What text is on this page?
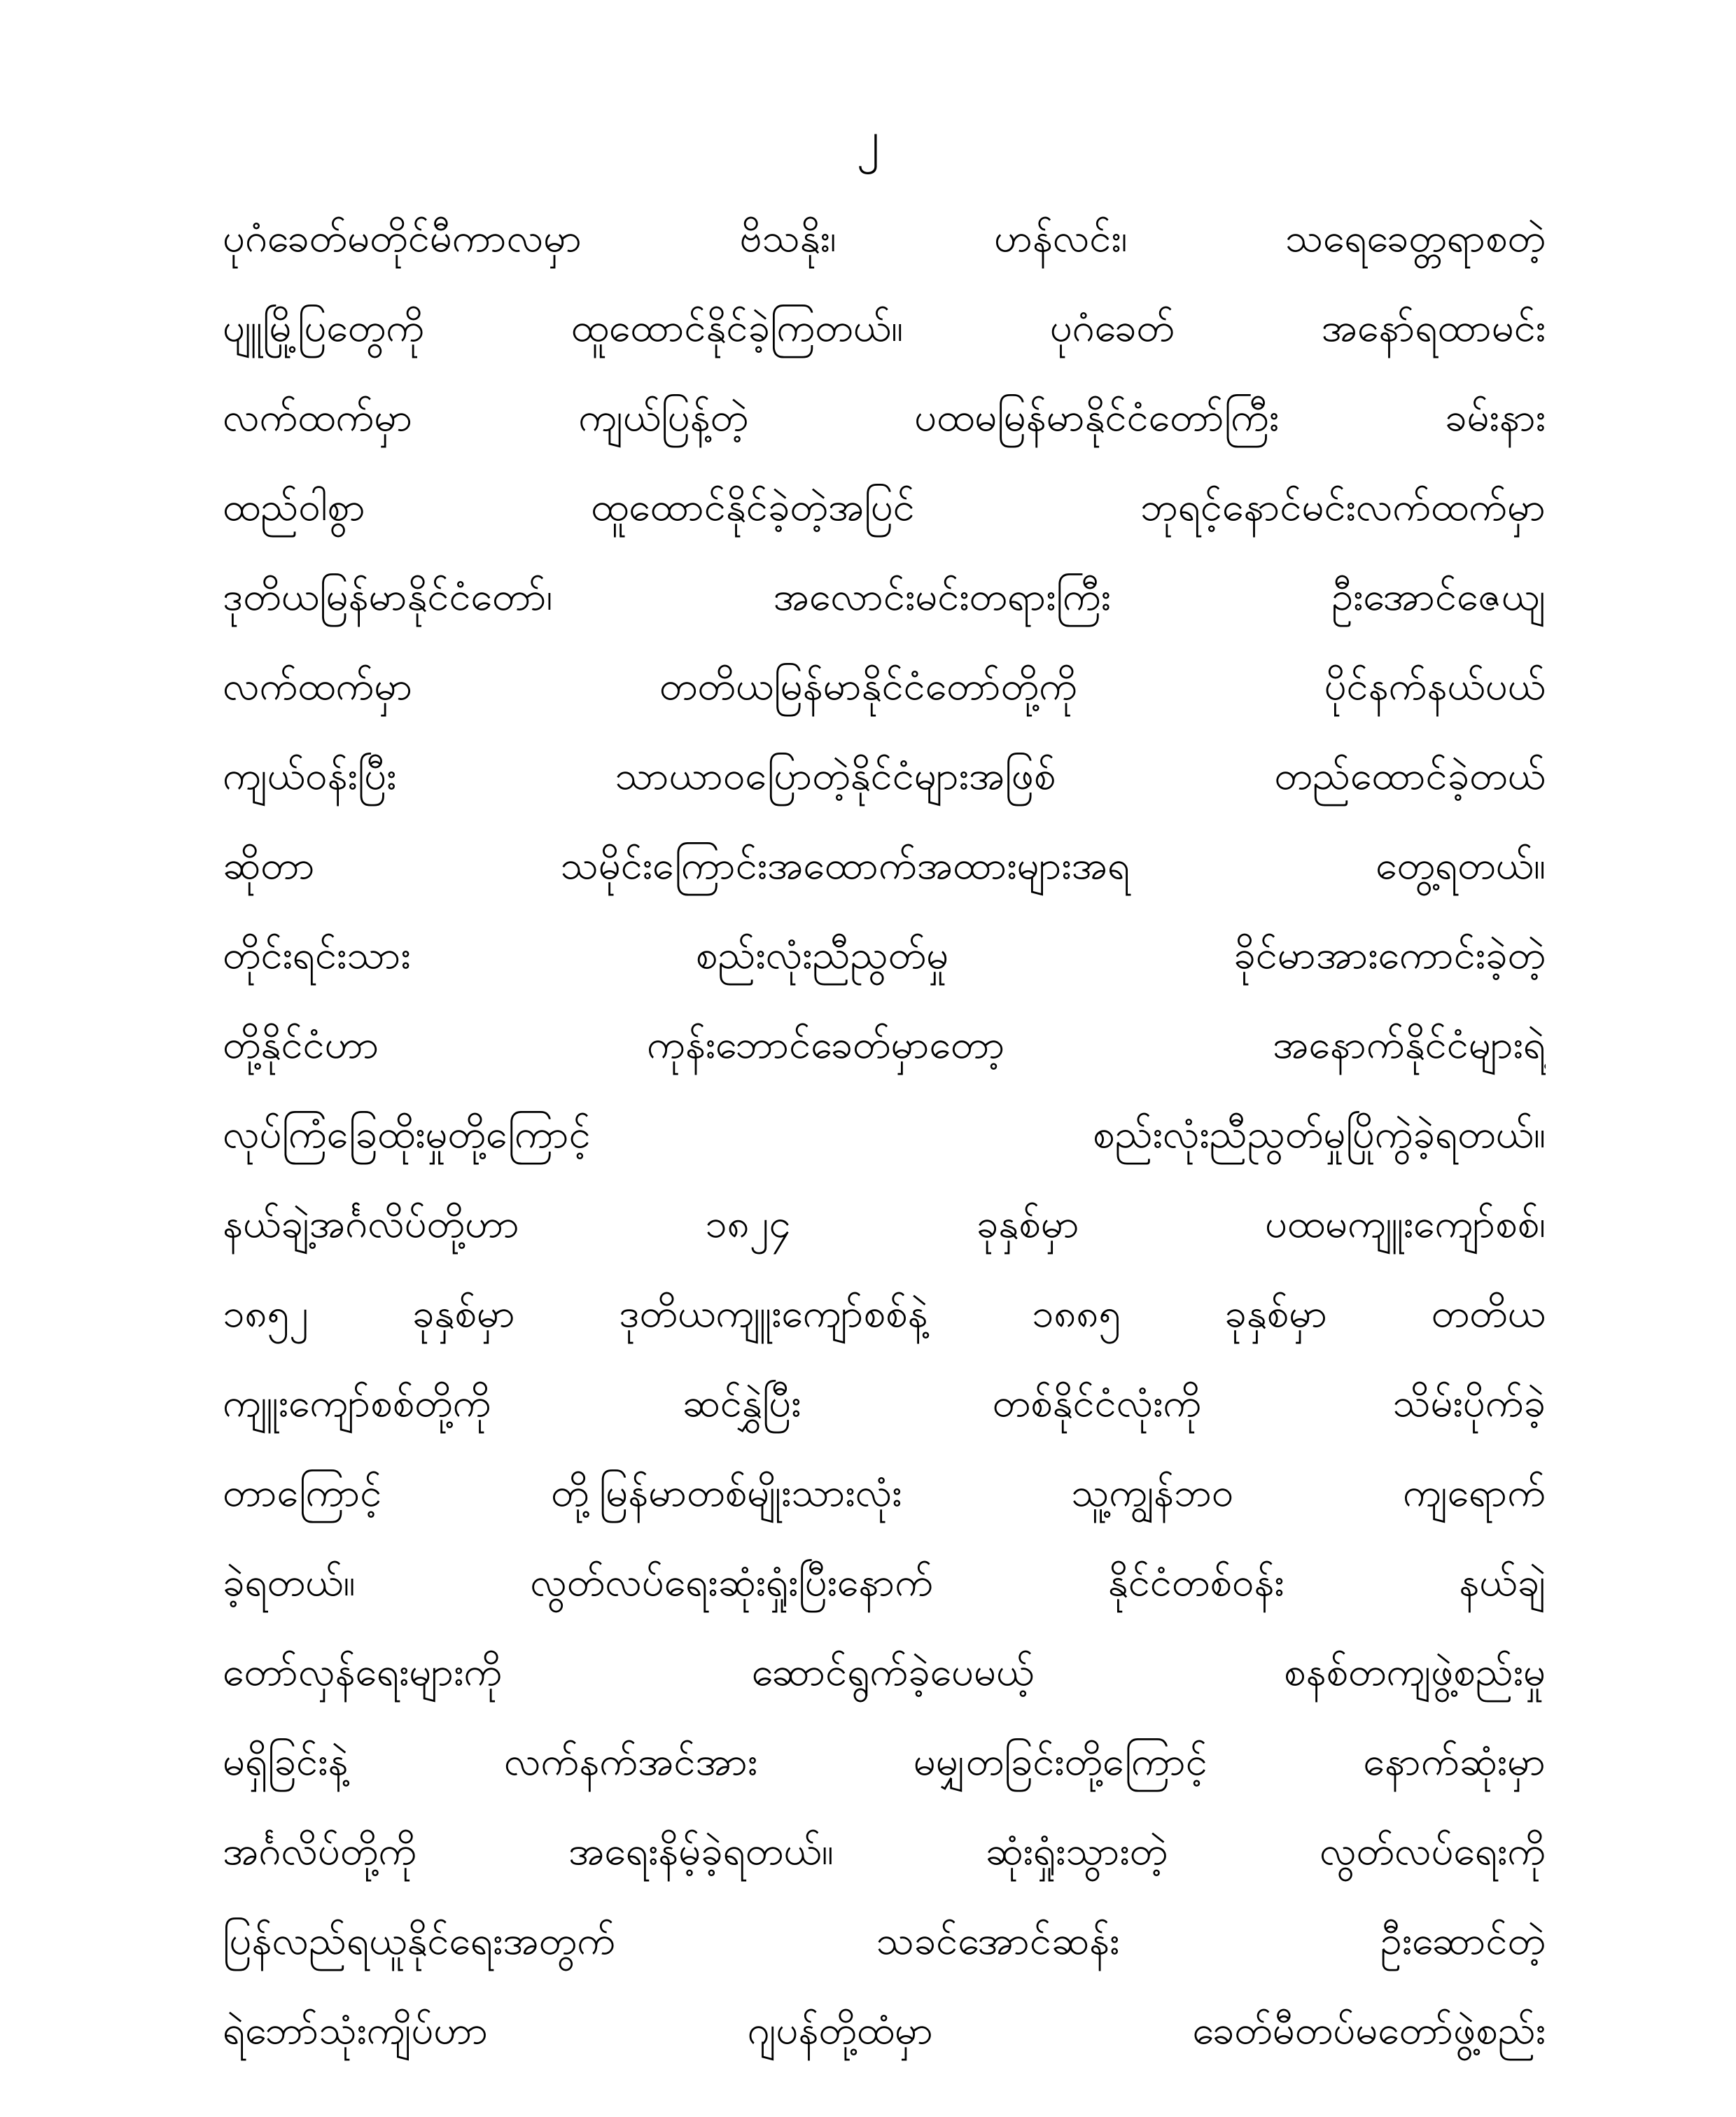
၂
ပုဂံခေတ်မတိုင်မီကာလမှာ ဗိသနိုး၊ ဟန်လင်း၊ သရေခေတ္တရာစတဲ့
ပျူမြို့ပြတွေကို ထူထောင်နိုင်ခဲ့ကြတယ်။ ပုဂံခေတ် အနော်ရထာမင်း
လက်ထက်မှာ ကျယ်ပြန့်တဲ့ ပထမမြန်မာနိုင်ငံတော်ကြီး ခမ်းနား
ထည်ဝါစွာ ထူထောင်နိုင်ခဲ့တဲ့အပြင် ဘုရင့်နောင်မင်းလက်ထက်မှာ
ဒုတိယမြန်မာနိုင်ငံတော်၊ အလောင်းမင်းတရားကြီး ဦးအောင်ဇေယျ
လက်ထက်မှာ တတိယမြန်မာနိုင်ငံတော်တို့ကို ပိုင်နက်နယ်ပယ်
ကျယ်ဝန်းပြီး သာယာဝပြောတဲ့နိုင်ငံများအဖြစ် တည်ထောင်ခဲ့တယ်
ဆိုတာ သမိုင်းကြောင်းအထောက်အထားများအရ တွေ့ရတယ်။
တိုင်းရင်းသား စည်းလုံးညီညွတ်မှု ခိုင်မာအားကောင်းခဲ့တဲ့
တို့နိုင်ငံဟာ ကုန်းဘောင်ခေတ်မှာတော့ အနောက်နိုင်ငံများရဲ့
လုပ်ကြံခြေထိုးမှုတို့ကြောင့် စည်းလုံးညီညွတ်မှုပြိုကွဲခဲ့ရတယ်။
နယ်ချဲ့အင်္ဂလိပ်တို့ဟာ ၁၈၂၄ ခုနှစ်မှာ ပထမကျူးကျော်စစ်၊
၁၈၅၂ ခုနှစ်မှာ ဒုတိယကျူးကျော်စစ်နဲ့ ၁၈၈၅ ခုနှစ်မှာ တတိယ
ကျူးကျော်စစ်တို့ကို ဆင်နွှဲပြီး တစ်နိုင်ငံလုံးကို သိမ်းပိုက်ခဲ့
တာကြောင့် တို့မြန်မာတစ်မျိုးသားလုံး သူ့ကျွန်ဘဝ ကျရောက်
ခဲ့ရတယ်။ လွတ်လပ်ရေးဆုံးရှုံးပြီးနောက် နိုင်ငံတစ်ဝန်း နယ်ချဲ့
တော်လှန်ရေးများကို ဆောင်ရွက်ခဲ့ပေမယ့် စနစ်တကျဖွဲ့စည်းမှု
မရှိခြင်းနဲ့ လက်နက်အင်အား မမျှတခြင်းတို့ကြောင့် နောက်ဆုံးမှာ
အင်္ဂလိပ်တို့ကို အရေးနိမ့်ခဲ့ရတယ်။ ဆုံးရှုံးသွားတဲ့ လွတ်လပ်ရေးကို
ပြန်လည်ရယူနိုင်ရေးအတွက် သခင်အောင်ဆန်း ဦးဆောင်တဲ့
ရဲဘော်သုံးကျိပ်ဟာ ဂျပန်တို့ထံမှာ ခေတ်မီတပ်မတော်ဖွဲ့စည်း
